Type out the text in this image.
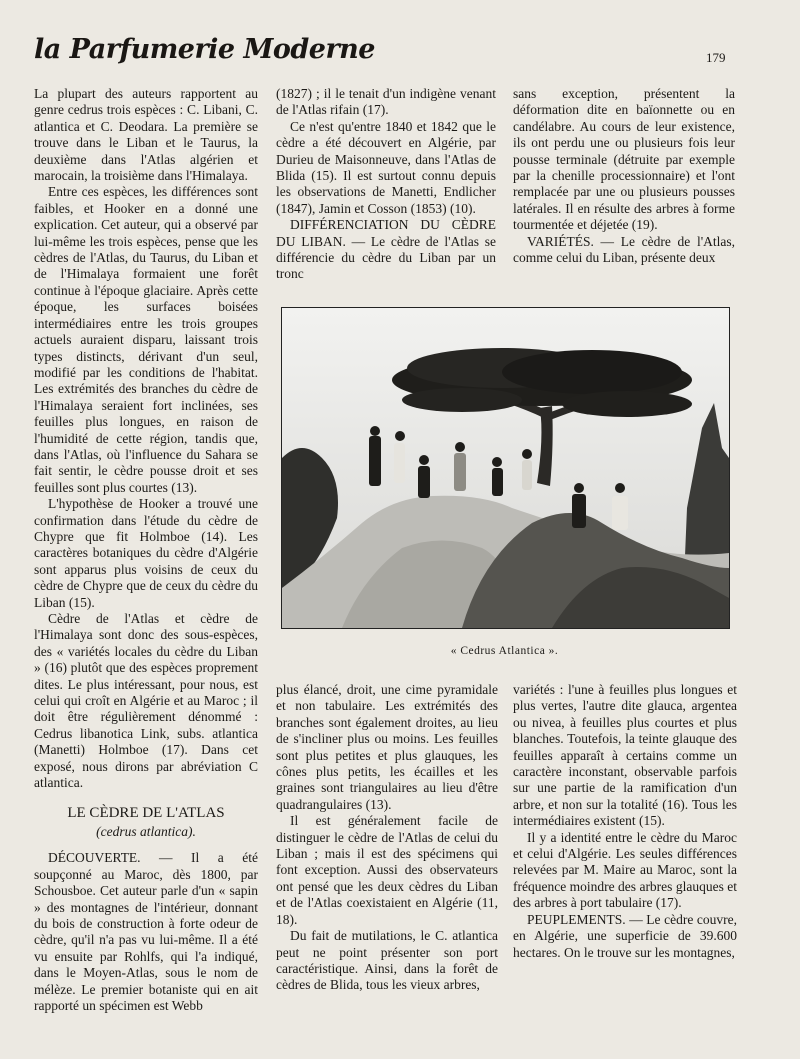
la Parfumerie Moderne	179

La plupart des auteurs rapportent au genre cedrus trois espèces : C. Libani, C. atlantica et C. Deodara. La première se trouve dans le Liban et le Taurus, la deuxième dans l'Atlas algérien et marocain, la troisième dans l'Himalaya.

Entre ces espèces, les différences sont faibles, et Hooker en a donné une explication. Cet auteur, qui a observé par lui-même les trois espèces, pense que les cèdres de l'Atlas, du Taurus, du Liban et de l'Himalaya formaient une forêt continue à l'époque glaciaire. Après cette époque, les surfaces boisées intermédiaires entre les trois groupes actuels auraient disparu, laissant trois types distincts, dérivant d'un seul, modifié par les conditions de l'habitat. Les extrémités des branches du cèdre de l'Himalaya seraient fort inclinées, ses feuilles plus longues, en raison de l'humidité de cette région, tandis que, dans l'Atlas, où l'influence du Sahara se fait sentir, le cèdre pousse droit et ses feuilles sont plus courtes (13).

L'hypothèse de Hooker a trouvé une confirmation dans l'étude du cèdre de Chypre que fit Holmboe (14). Les caractères botaniques du cèdre d'Algérie sont apparus plus voisins de ceux du cèdre de Chypre que de ceux du cèdre du Liban (15).

Cèdre de l'Atlas et cèdre de l'Himalaya sont donc des sous-espèces, des « variétés locales du cèdre du Liban » (16) plutôt que des espèces proprement dites. Le plus intéressant, pour nous, est celui qui croît en Algérie et au Maroc ; il doit être régulièrement dénommé : Cedrus libanotica Link, subs. atlantica (Manetti) Holmboe (17). Dans cet exposé, nous dirons par abréviation C atlantica.

LE CÈDRE DE L'ATLAS

(cedrus atlantica).

DÉCOUVERTE. — Il a été soupçonné au Maroc, dès 1800, par Schousboe. Cet auteur parle d'un « sapin » des montagnes de l'intérieur, donnant du bois de construction à forte odeur de cèdre, qu'il n'a pas vu lui-même. Il a été vu ensuite par Rohlfs, qui l'a indiqué, dans le Moyen-Atlas, sous le nom de mélèze. Le premier botaniste qui en ait rapporté un spécimen est Webb

(1827) ; il le tenait d'un indigène venant de l'Atlas rifain (17).

Ce n'est qu'entre 1840 et 1842 que le cèdre a été découvert en Algérie, par Durieu de Maisonneuve, dans l'Atlas de Blida (15). Il est surtout connu depuis les observations de Manetti, Endlicher (1847), Jamin et Cosson (1853) (10).

DIFFÉRENCIATION DU CÈDRE DU LIBAN. — Le cèdre de l'Atlas se différencie du cèdre du Liban par un tronc

sans exception, présentent la déformation dite en baïonnette ou en candélabre. Au cours de leur existence, ils ont perdu une ou plusieurs fois leur pousse terminale (détruite par exemple par la chenille processionnaire) et l'ont remplacée par une ou plusieurs pousses latérales. Il en résulte des arbres à forme tourmentée et déjetée (19).

VARIÉTÉS. — Le cèdre de l'Atlas, comme celui du Liban, présente deux

« Cedrus Atlantica ».

plus élancé, droit, une cime pyramidale et non tabulaire. Les extrémités des branches sont également droites, au lieu de s'incliner plus ou moins. Les feuilles sont plus petites et plus glauques, les cônes plus petits, les écailles et les graines sont triangulaires au lieu d'être quadrangulaires (13).

Il est généralement facile de distinguer le cèdre de l'Atlas de celui du Liban ; mais il est des spécimens qui font exception. Aussi des observateurs ont pensé que les deux cèdres du Liban et de l'Atlas coexistaient en Algérie (11, 18).

Du fait de mutilations, le C. atlantica peut ne point présenter son port caractéristique. Ainsi, dans la forêt de cèdres de Blida, tous les vieux arbres,

variétés : l'une à feuilles plus longues et plus vertes, l'autre dite glauca, argentea ou nivea, à feuilles plus courtes et plus blanches. Toutefois, la teinte glauque des feuilles apparaît à certains comme un caractère inconstant, observable parfois sur une partie de la ramification d'un arbre, et non sur la totalité (16). Tous les intermédiaires existent (15).

Il y a identité entre le cèdre du Maroc et celui d'Algérie. Les seules différences relevées par M. Maire au Maroc, sont la fréquence moindre des arbres glauques et des arbres à port tabulaire (17).

PEUPLEMENTS. — Le cèdre couvre, en Algérie, une superficie de 39.600 hectares. On le trouve sur les montagnes,
